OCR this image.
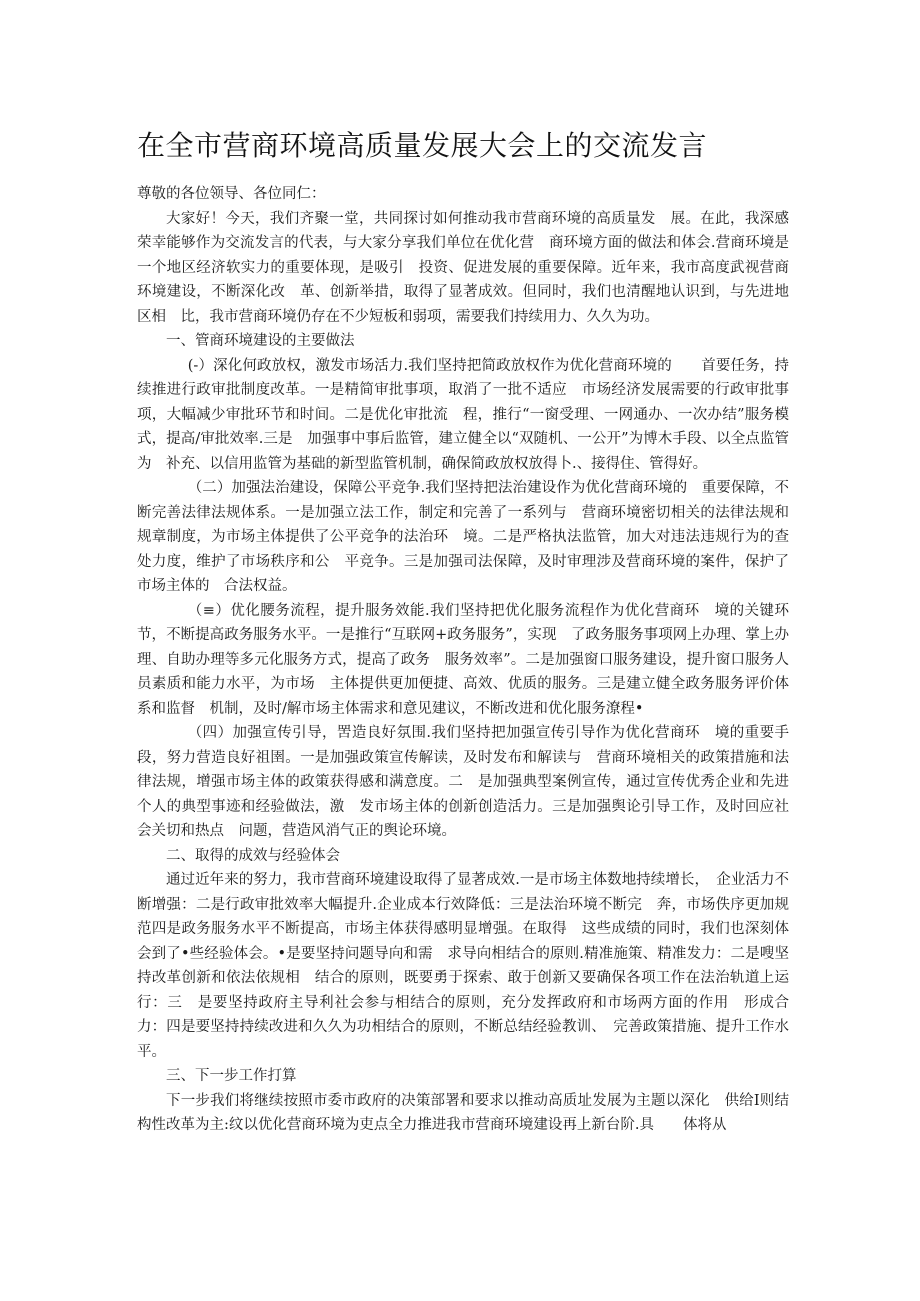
在全市营商环境高质量发展大会上的交流发言

尊敬的各位领导、各位同仁：

大家好！今天，我们齐聚一堂，共同探讨如何推动我市营商环境的高质量发　展。在此，我深感荣幸能够作为交流发言的代表，与大家分享我们单位在优化营　商环境方面的做法和体会.营商环境是一个地区经济软实力的重要体现，是吸引　投资、促进发展的重要保障。近年来，我市高度武视营商环境建设，不断深化改　革、创新举措，取得了显著成效。但同时，我们也清醒地认识到，与先进地区相　比，我市营商环境仍存在不少短板和弱项，需要我们持续用力、久久为功。

一、管商环境建设的主要做法

(-）深化何政放权，激发市场活力.我们坚持把简政放权作为优化营商环境的　　首要任务，持续推进行政审批制度改革。一是精简审批事项，取消了一批不适应　市场经济发展需要的行政审批事项，大幅减少审批环节和时间。二是优化审批流　程，推行“一窗受理、一网通办、一次办结”服务模式，提高/审批效率.三是　加强事中事后监管，建立健全以“双随机、一公开”为博木手段、以全点监管为　补充、以信用监管为基础的新型监管机制，确保简政放权放得卜.、接得住、管得好。

（二）加强法治建设，保障公平竞争.我们坚持把法治建设作为优化营商环境的　重要保障，不断完善法律法规体系。一是加强立法工作，制定和完善了一系列与　营商环境密切相关的法律法规和规章制度，为市场主体提供了公平竞争的法治环　境。二是严格执法监管，加大对违法违规行为的查处力度，维护了市场秩序和公　平竞争。三是加强司法保障，及时审理涉及营商环境的案件，保护了市场主体的　合法权益。

（≡）优化腰务流程，提升服务效能.我们坚持把优化服务流程作为优化营商环　境的关键环节，不断提高政务服务水平。一是推行“互联网+政务服务”，实现　了政务服务事项网上办理、掌上办理、自助办理等多元化服务方式，提高了政务　服务效率”。二是加强窗口服务建设，提升窗口服务人员素质和能力水平，为市场　主体提供更加便捷、高效、优质的服务。三是建立健全政务服务评价体系和监督　机制，及时/解市场主体需求和意见建议，不断改进和优化服务潦程•

（四）加强宣传引导，罟造良好氛围.我们坚持把加强宣传引导作为优化营商环　境的重要手段，努力营造良好祖圉。一是加强政策宣传解读，及时发布和解读与　营商环境相关的政策措施和法律法规，增强市场主体的政策获得感和满意度。二　是加强典型案例宣传，通过宣传优秀企业和先进个人的典型事迹和经验做法，激　发市场主体的创新创造活力。三是加强舆论引导工作，及时回应社会关切和热点　问题，营造风消气正的舆论环境。

二、取得的成效与经验体会

通过近年来的努力，我市营商环境建设取得了显著成效.一是市场主体数地持续增长，　企业活力不断增强：二是行政审批效率大幅提升.企业成本行效降低：三是法治环境不断完　奔，市场佚序更加规范四是政务服务水平不断提高，市场主体获得感明显增强。在取得　这些成绩的同时，我们也深刻体会到了•些经验体会。•是要坚持问题导向和需　求导向相结合的原则.精准施策、精准发力：二是嗖坚持改革创新和依法依规相　结合的原则，既要勇于探索、敢于创新又要确保各项工作在法治轨道上运行：三　是要坚持政府主导利社会参与相结合的原则，充分发挥政府和市场两方面的作用　形成合力：四是要坚持持续改进和久久为功相结合的原则，不断总结经验教训、　完善政策措施、提升工作水平。

三、下一步工作打算

下一步我们将继续按照市委市政府的决策部署和要求以推动高质址发展为主题以深化　供给I则结构性改革为主:纹以优化营商环境为吏点全力推进我市营商环境建设再上新台阶.具　　体将从
